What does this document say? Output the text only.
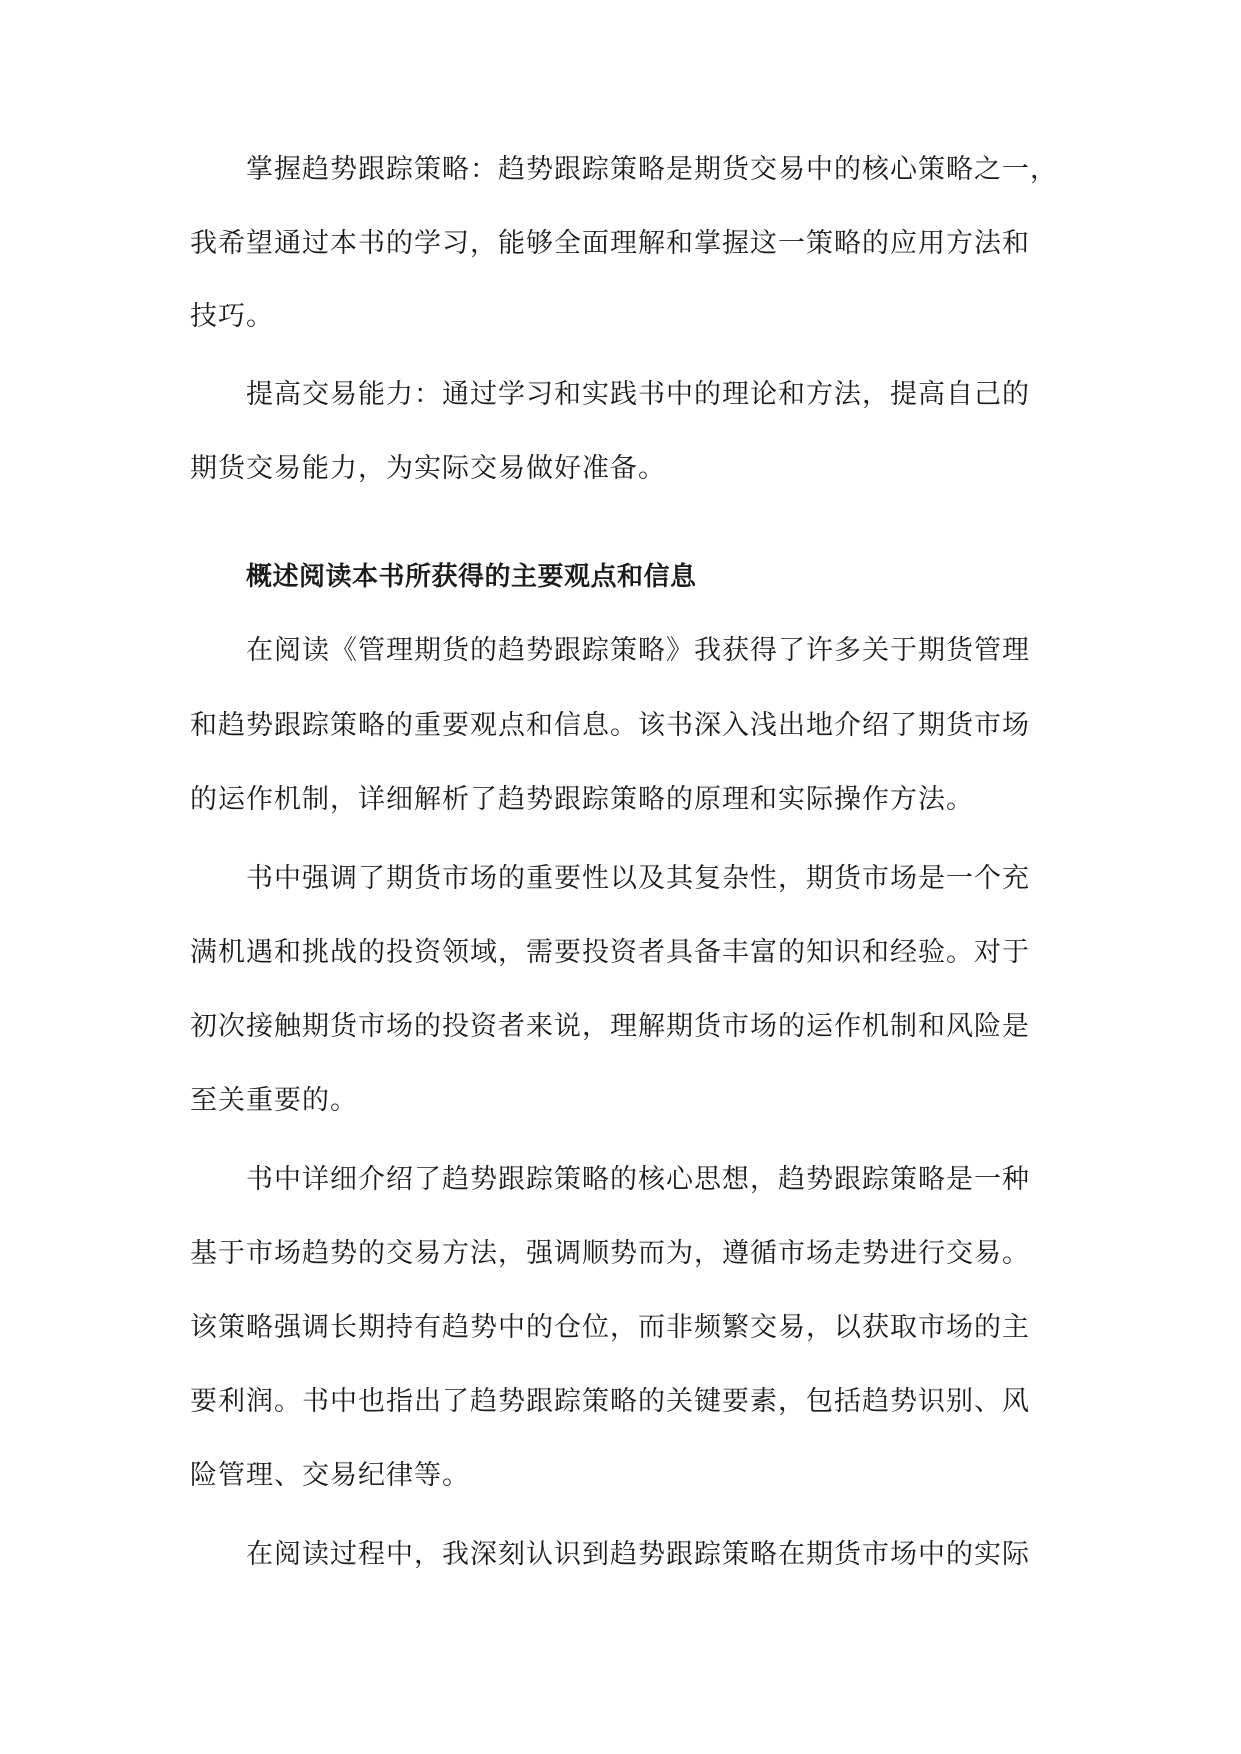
掌握趋势跟踪策略：趋势跟踪策略是期货交易中的核心策略之一，
我希望通过本书的学习，能够全面理解和掌握这一策略的应用方法和
技巧。
提高交易能力：通过学习和实践书中的理论和方法，提高自己的
期货交易能力，为实际交易做好准备。
概述阅读本书所获得的主要观点和信息
在阅读《管理期货的趋势跟踪策略》我获得了许多关于期货管理
和趋势跟踪策略的重要观点和信息。该书深入浅出地介绍了期货市场
的运作机制，详细解析了趋势跟踪策略的原理和实际操作方法。
书中强调了期货市场的重要性以及其复杂性，期货市场是一个充
满机遇和挑战的投资领域，需要投资者具备丰富的知识和经验。对于
初次接触期货市场的投资者来说，理解期货市场的运作机制和风险是
至关重要的。
书中详细介绍了趋势跟踪策略的核心思想，趋势跟踪策略是一种
基于市场趋势的交易方法，强调顺势而为，遵循市场走势进行交易。
该策略强调长期持有趋势中的仓位，而非频繁交易，以获取市场的主
要利润。书中也指出了趋势跟踪策略的关键要素，包括趋势识别、风
险管理、交易纪律等。
在阅读过程中，我深刻认识到趋势跟踪策略在期货市场中的实际
